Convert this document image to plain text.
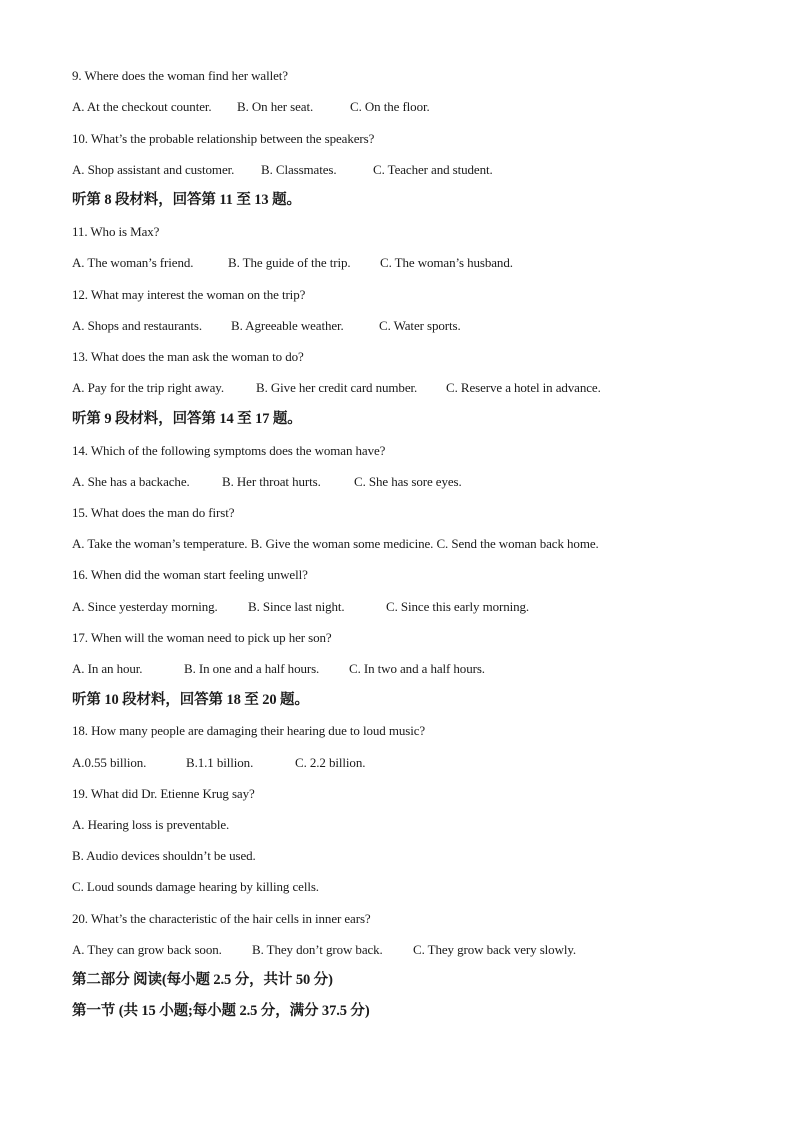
9. Where does the woman find her wallet?
A. At the checkout counter. B. On her seat.	C. On the floor.
10. What’s the probable relationship between the speakers?
A. Shop assistant and customer. B. Classmates.	C. Teacher and student.
听第 8 段材料，回答第 11 至 13 题。
11. Who is Max?
A. The woman’s friend.	B. The guide of the trip. C. The woman’s husband.
12. What may interest the woman on the trip?
A. Shops and restaurants. B. Agreeable weather.	C. Water sports.
13. What does the man ask the woman to do?
A. Pay for the trip right away. B. Give her credit card number. C. Reserve a hotel in advance.
听第 9 段材料，回答第 14 至 17 题。
14. Which of the following symptoms does the woman have?
A. She has a backache. B. Her throat hurts.	C. She has sore eyes.
15. What does the man do first?
A. Take the woman’s temperature. B. Give the woman some medicine. C. Send the woman back home.
16. When did the woman start feeling unwell?
A. Since yesterday morning. B. Since last night.	C. Since this early morning.
17. When will the woman need to pick up her son?
A. In an hour.	B. In one and a half hours. C. In two and a half hours.
听第 10 段材料，回答第 18 至 20 题。
18. How many people are damaging their hearing due to loud music?
A.0.55 billion.	B.1.1 billion.	C. 2.2 billion.
19. What did Dr. Etienne Krug say?
A. Hearing loss is preventable.
B. Audio devices shouldn’t be used.
C. Loud sounds damage hearing by killing cells.
20. What’s the characteristic of the hair cells in inner ears?
A. They can grow back soon. B. They don’t grow back. C. They grow back very slowly.
第二部分 阅读(每小题 2.5 分，共计 50 分)
第一节 (共 15 小题;每小题 2.5 分，满分 37.5 分)
